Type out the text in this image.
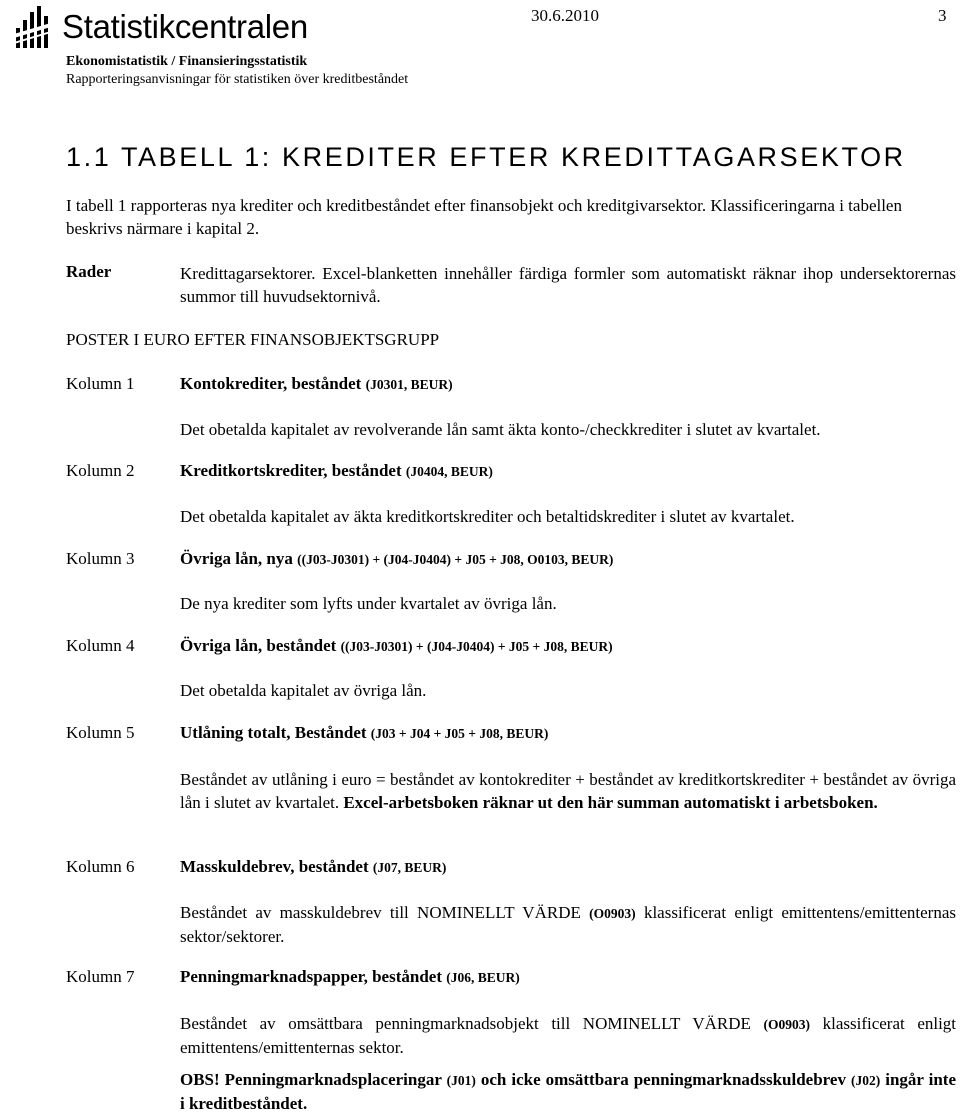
Statistikcentralen	30.6.2010	3
Ekonomistatistik / Finansieringsstatistik
Rapporteringsanvisningar för statistiken över kreditbeståndet
1.1 TABELL 1: KREDITER EFTER KREDITTAGARSEKTOR
I tabell 1 rapporteras nya krediter och kreditbeståndet efter finansobjekt och kreditgivarsektor. Klassificeringarna i tabellen beskrivs närmare i kapital 2.
Rader	Kredittagarsektorer. Excel-blanketten innehåller färdiga formler som automatiskt räknar ihop undersektorernas summor till huvudsektornivå.
POSTER I EURO EFTER FINANSOBJEKTSGRUPP
Kolumn 1	Kontokrediter, beståndet (J0301, BEUR)
Det obetalda kapitalet av revolverande lån samt äkta konto-/checkkrediter i slutet av kvartalet.
Kolumn 2	Kreditkortskrediter, beståndet (J0404, BEUR)
Det obetalda kapitalet av äkta kreditkortskrediter och betaltidskrediter i slutet av kvartalet.
Kolumn 3	Övriga lån, nya ((J03-J0301) + (J04-J0404) + J05 + J08, O0103, BEUR)
De nya krediter som lyfts under kvartalet av övriga lån.
Kolumn 4	Övriga lån, beståndet ((J03-J0301) + (J04-J0404) + J05 + J08, BEUR)
Det obetalda kapitalet av övriga lån.
Kolumn 5	Utlåning totalt, Beståndet (J03 + J04 + J05 + J08, BEUR)
Beståndet av utlåning i euro = beståndet av kontokrediter + beståndet av kreditkortskrediter + beståndet av övriga lån i slutet av kvartalet. Excel-arbetsboken räknar ut den här summan automatiskt i arbetsboken.
Kolumn 6	Masskuldebrev, beståndet (J07, BEUR)
Beståndet av masskuldebrev till NOMINELLT VÄRDE (O0903) klassificerat enligt emittentens/emittenternas sektor/sektorer.
Kolumn 7	Penningmarknadspapper, beståndet (J06, BEUR)
Beståndet av omsättbara penningmarknadsobjekt till NOMINELLT VÄRDE (O0903) klassificerat enligt emittentens/emittenternas sektor.
OBS! Penningmarknadsplaceringar (J01) och icke omsättbara penningmarknadsskuldebrev (J02) ingår inte i kreditbeståndet.
